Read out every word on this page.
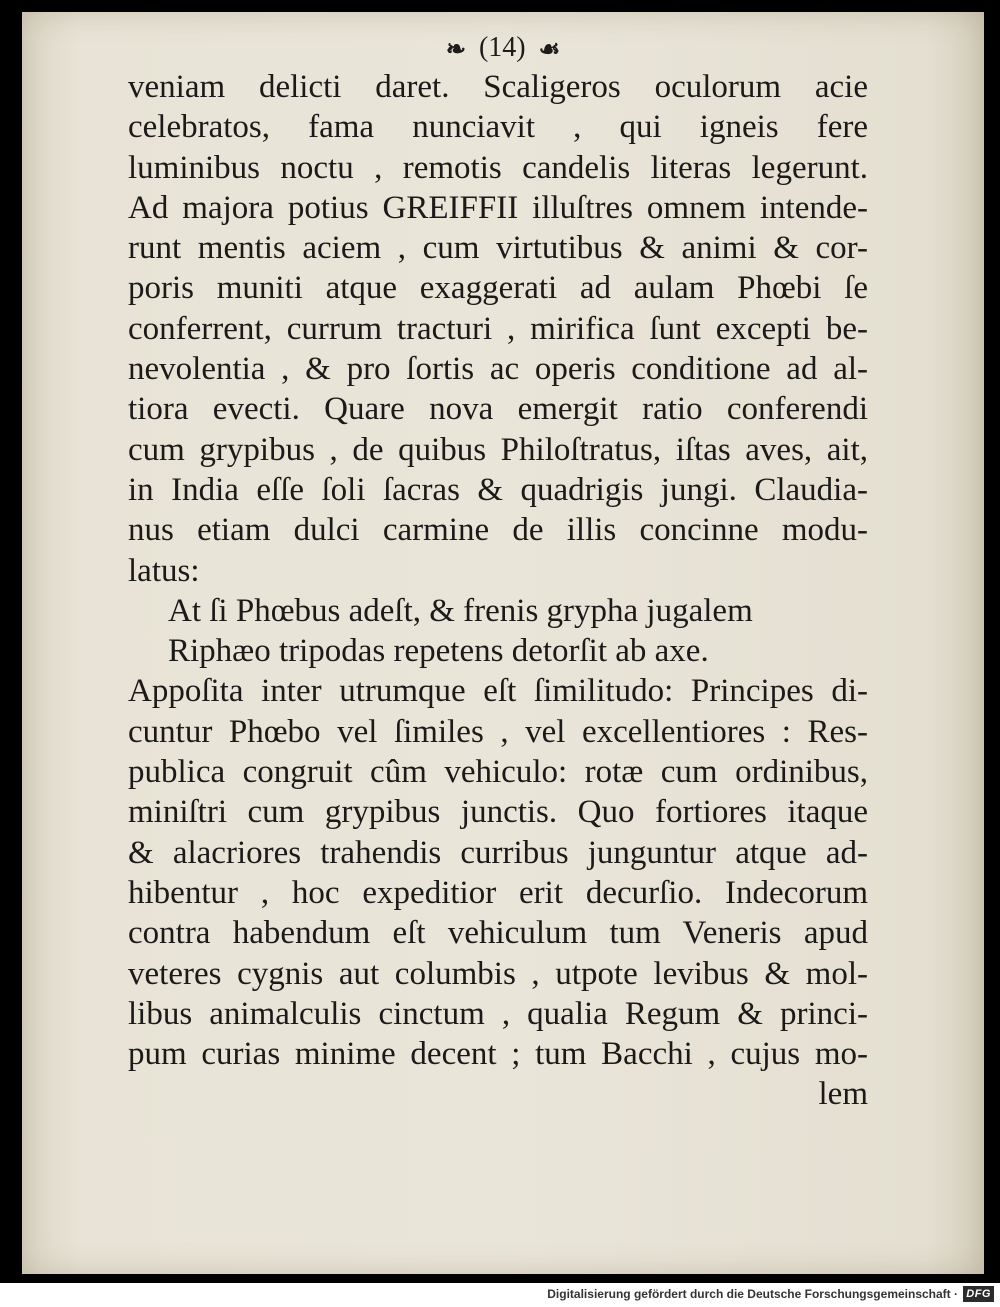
❧ (14) ☙
veniam delicti daret. Scaligeros oculorum acie
celebratos, fama nunciavit , qui igneis fere
luminibus noctu , remotis candelis literas legerunt.
Ad majora potius GREIFFII illuſtres omnem intende-
runt mentis aciem , cum virtutibus & animi & cor-
poris muniti atque exaggerati ad aulam Phœbi ſe
conferrent, currum tracturi , mirifica ſunt excepti be-
nevolentia , & pro ſortis ac operis conditione ad al-
tiora evecti. Quare nova emergit ratio conferendi
cum grypibus , de quibus Philoſtratus, iſtas aves, ait,
in India eſſe ſoli ſacras & quadrigis jungi. Claudia-
nus etiam dulci carmine de illis concinne modu-
latus:
At ſi Phœbus adeſt, & frenis grypha jugalem
Riphæo tripodas repetens detorſit ab axe.
Appoſita inter utrumque eſt ſimilitudo: Principes di-
cuntur Phœbo vel ſimiles , vel excellentiores : Res-
publica congruit cûm vehiculo: rotæ cum ordinibus,
miniſtri cum grypibus junctis. Quo fortiores itaque
& alacriores trahendis curribus junguntur atque ad-
hibentur , hoc expeditior erit decurſio. Indecorum
contra habendum eſt vehiculum tum Veneris apud
veteres cygnis aut columbis , utpote levibus & mol-
libus animalculis cinctum , qualia Regum & princi-
pum curias minime decent ; tum Bacchi , cujus mo-
lem
Digitalisierung gefördert durch die Deutsche Forschungsgemeinschaft · DFG
